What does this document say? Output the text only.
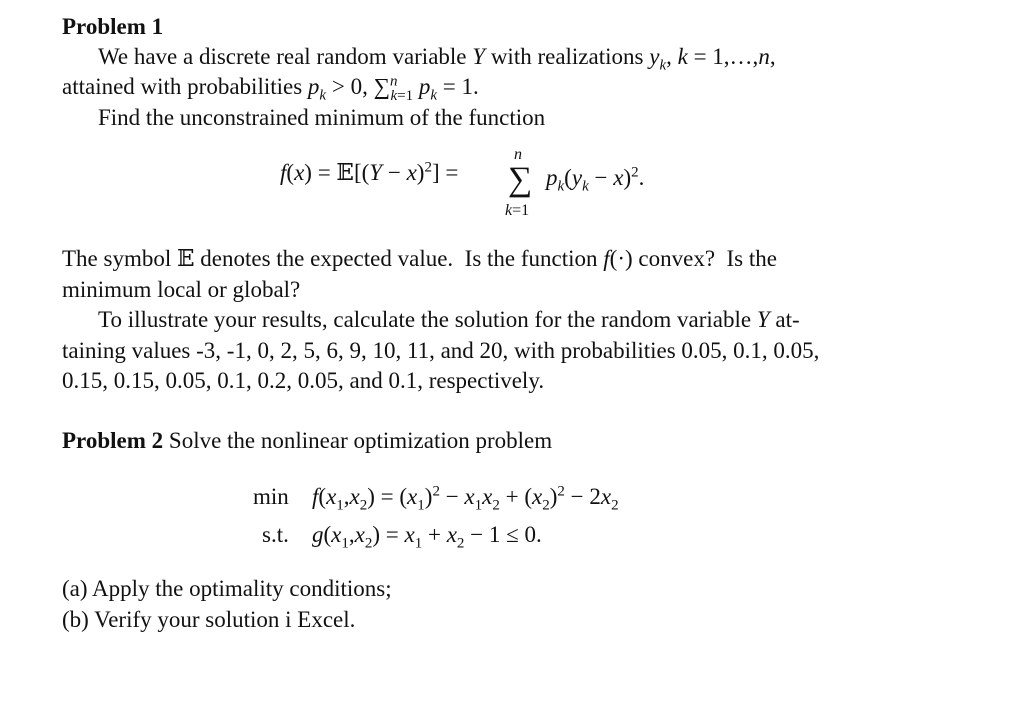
Problem 1
We have a discrete real random variable Y with realizations $y_k$, k = 1,…,n,
attained with probabilities $p_k > 0$, ∑$^n_{k=1}$ $p_k = 1$.
Find the unconstrained minimum of the function
f(x) = 𝔼[(Y − x)$^2$] =
n
∑
k=1
$p_k(y_k - x)^2$.
The symbol 𝔼 denotes the expected value.  Is the function f(·) convex?  Is the
minimum local or global?
To illustrate your results, calculate the solution for the random variable Y at-
taining values -3, -1, 0, 2, 5, 6, 9, 10, 11, and 20, with probabilities 0.05, 0.1, 0.05,
0.15, 0.15, 0.05, 0.1, 0.2, 0.05, and 0.1, respectively.
Problem 2 Solve the nonlinear optimization problem
$\min f(x_1,x_2) = (x_1)^2 - x_1x_2 + (x_2)^2 - 2x_2$
s.t. $g(x_1,x_2) = x_1 + x_2 - 1 \le 0$.
(a) Apply the optimality conditions;
(b) Verify your solution i Excel.
